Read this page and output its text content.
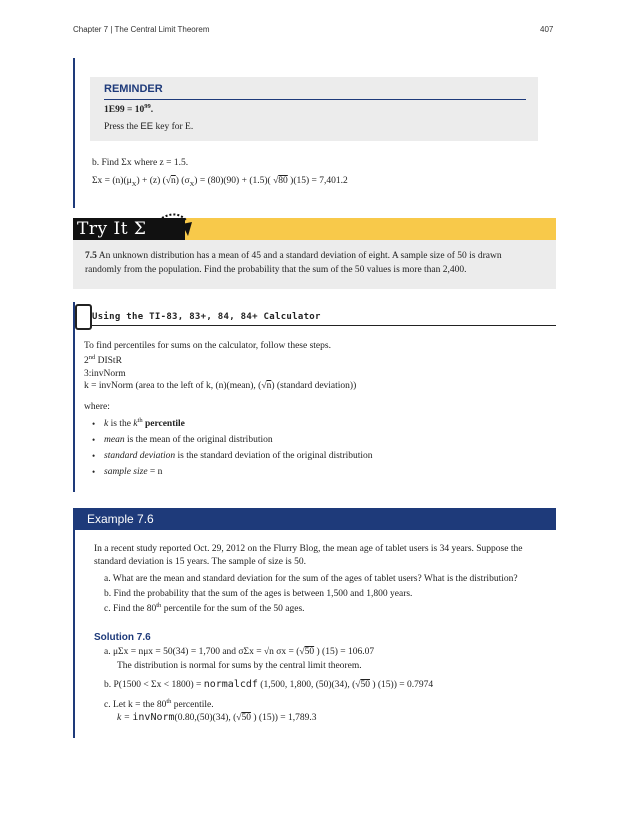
Chapter 7 | The Central Limit Theorem	407
REMINDER
$1E99 = 10^{99}$.
Press the EE key for E.
b. Find Σx where z = 1.5.
$\Sigma x = (n)(\mu_X) + (z)$ (√n) $(\sigma_X) = (80)(90) + (1.5)$( √80 )(15) = 7,401.2
Try It Σ
7.5 An unknown distribution has a mean of 45 and a standard deviation of eight. A sample size of 50 is drawn
randomly from the population. Find the probability that the sum of the 50 values is more than 2,400.
Using the TI-83, 83+, 84, 84+ Calculator
To find percentiles for sums on the calculator, follow these steps.
2nd DIStR
3:invNorm
k = invNorm (area to the left of k, (n)(mean), (√n) (standard deviation))
where:
• k is the $k^{th}$ percentile
• mean is the mean of the original distribution
• standard deviation is the standard deviation of the original distribution
• sample size = n
Example 7.6
In a recent study reported Oct. 29, 2012 on the Flurry Blog, the mean age of tablet users is 34 years. Suppose the
standard deviation is 15 years. The sample of size is 50.
a. What are the mean and standard deviation for the sum of the ages of tablet users? What is the distribution?
b. Find the probability that the sum of the ages is between 1,500 and 1,800 years.
c. Find the 80th percentile for the sum of the 50 ages.
Solution 7.6
a. μΣx = nμx = 50(34) = 1,700 and σΣx = √n σx = (√50 ) (15) = 106.07
The distribution is normal for sums by the central limit theorem.
b. P(1500 < Σx < 1800) = normalcdf (1,500, 1,800, (50)(34), (√50 ) (15)) = 0.7974
c. Let k = the 80th percentile.
k = invNorm(0.80,(50)(34), (√50 ) (15)) = 1,789.3
